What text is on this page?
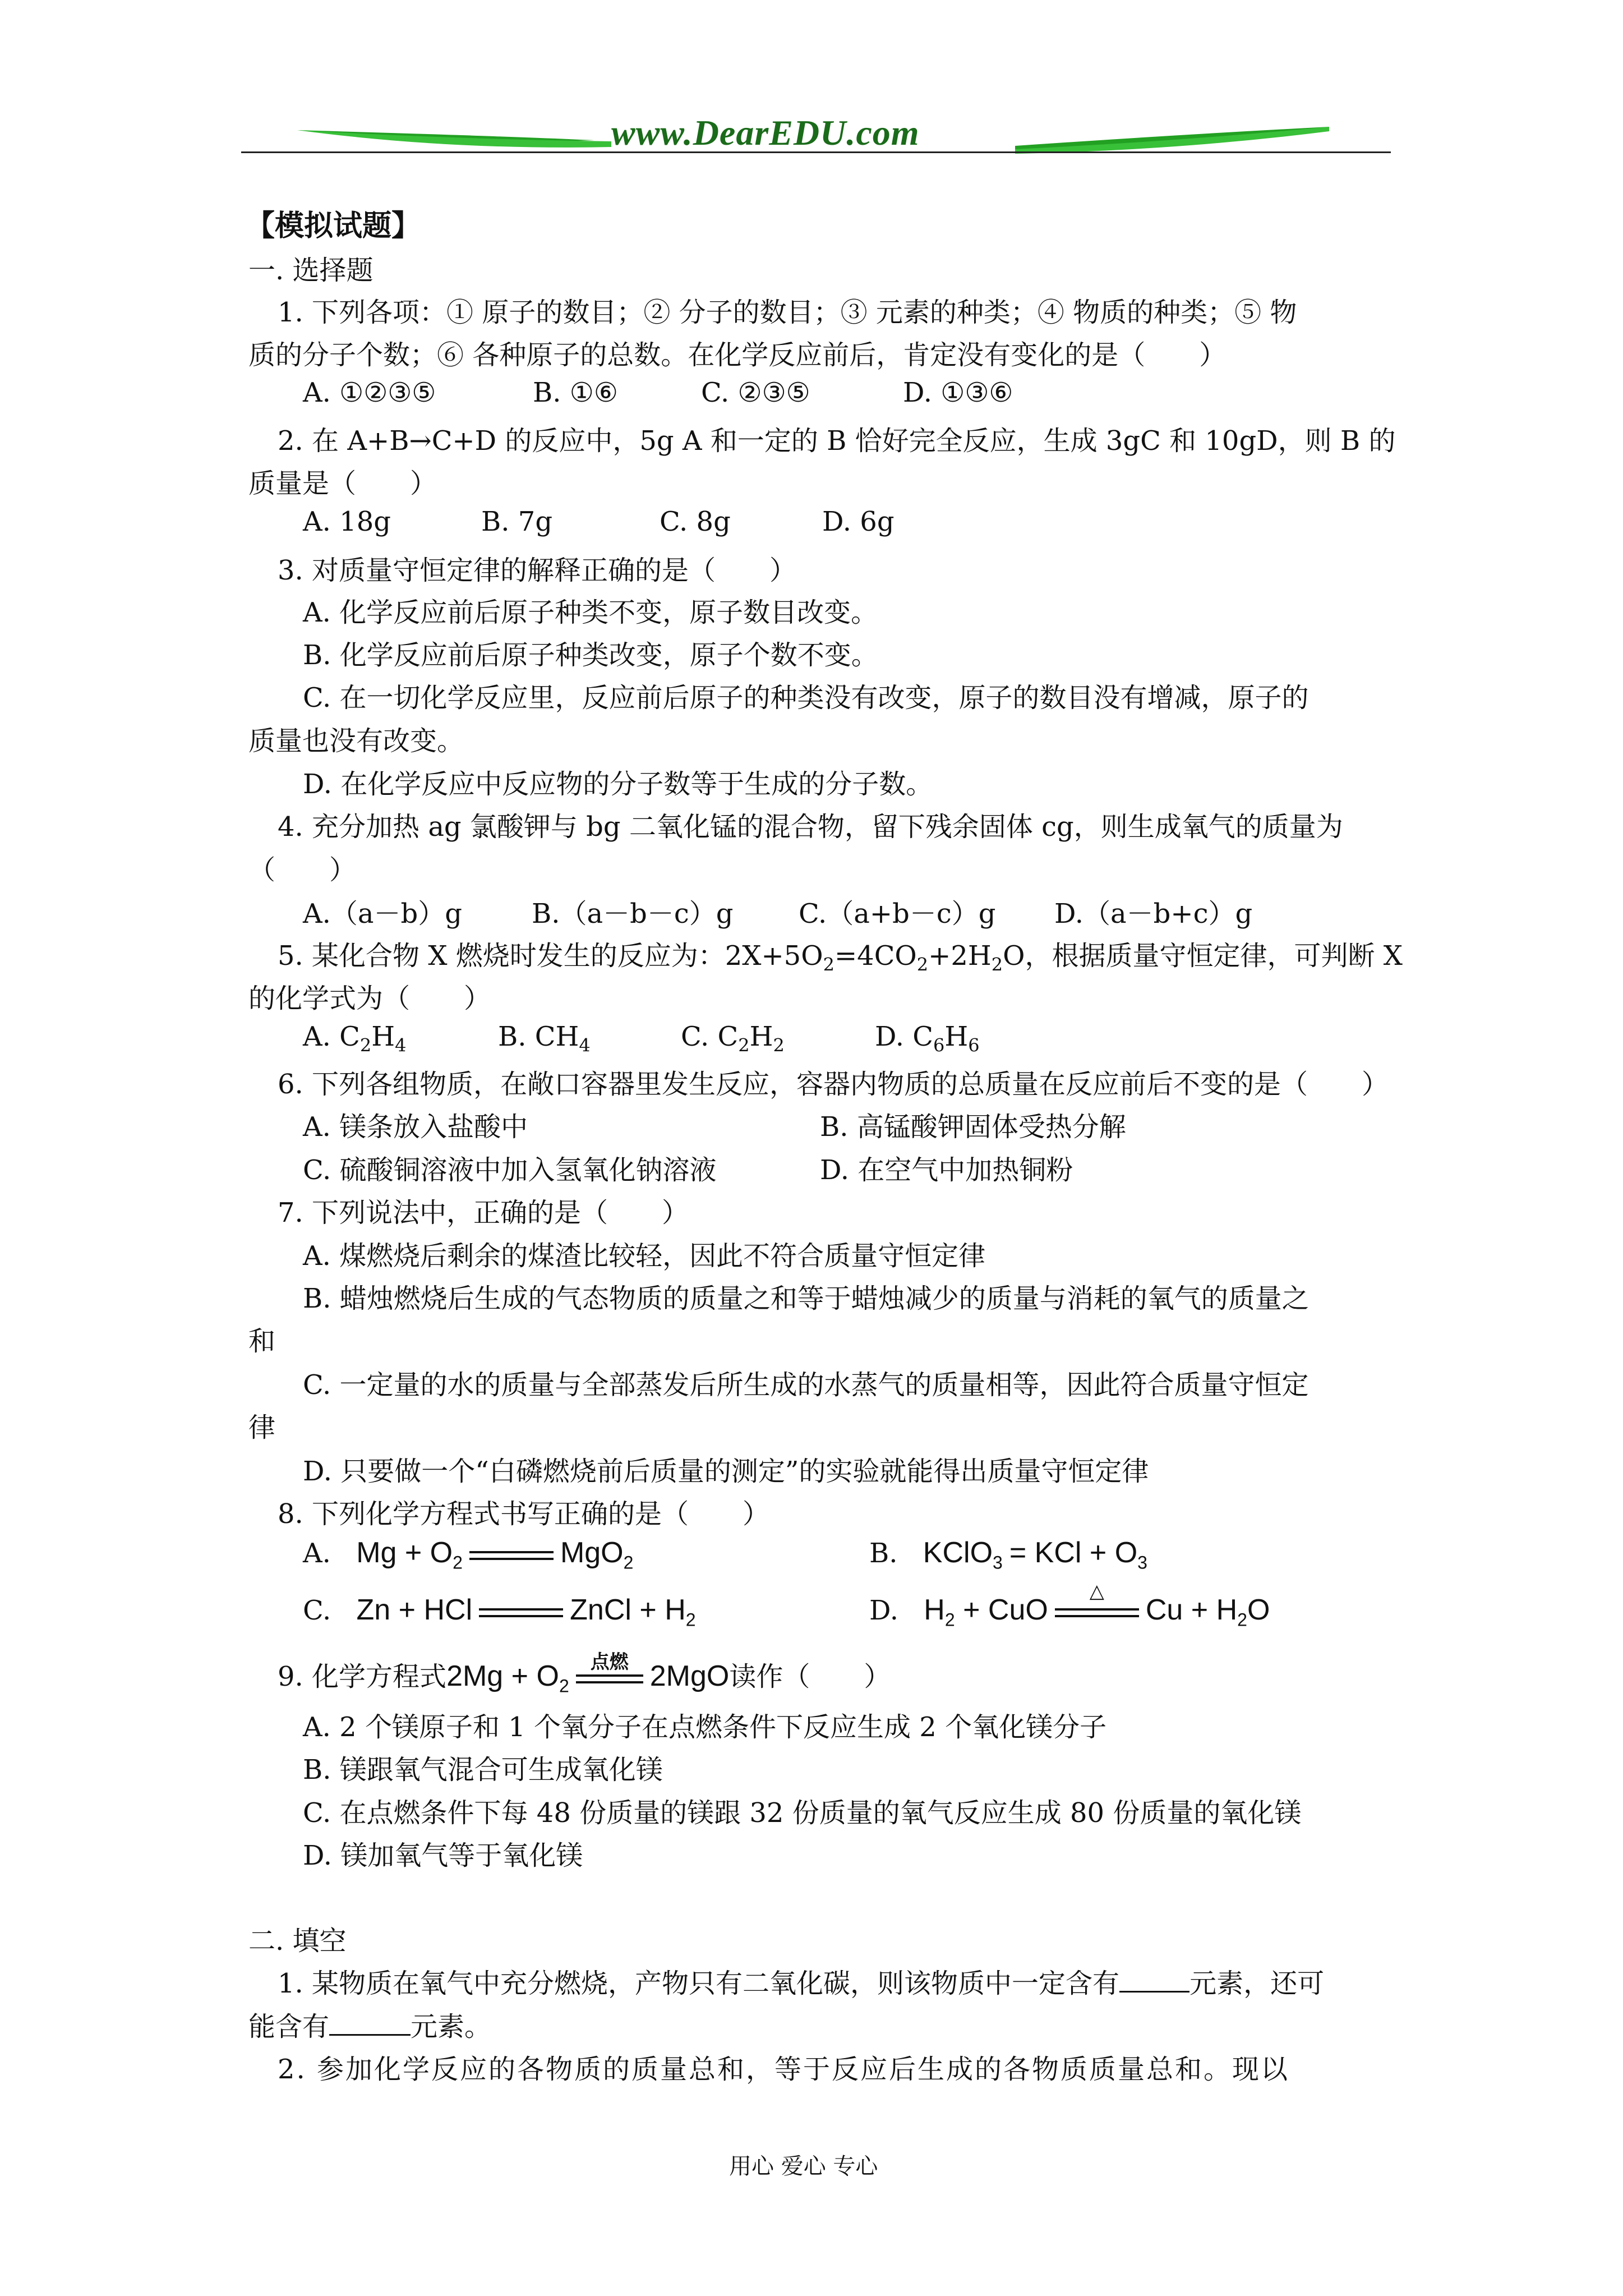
www.DearEDU.com
【模拟试题】
一. 选择题
1. 下列各项：① 原子的数目；② 分子的数目；③ 元素的种类；④ 物质的种类；⑤ 物
质的分子个数；⑥ 各种原子的总数。在化学反应前后，肯定没有变化的是（　　）
A. ①②③⑤	B. ①⑥	C. ②③⑤	D. ①③⑥
2. 在 A+B→C+D 的反应中，5g A 和一定的 B 恰好完全反应，生成 3gC 和 10gD，则 B 的
质量是（　　）
A. 18g	B. 7g	C. 8g	D. 6g
3. 对质量守恒定律的解释正确的是（　　）
A. 化学反应前后原子种类不变，原子数目改变。
B. 化学反应前后原子种类改变，原子个数不变。
C. 在一切化学反应里，反应前后原子的种类没有改变，原子的数目没有增减，原子的
质量也没有改变。
D. 在化学反应中反应物的分子数等于生成的分子数。
4. 充分加热 ag 氯酸钾与 bg 二氧化锰的混合物，留下残余固体 cg，则生成氧气的质量为
（　　）
A.（a－b）g	B.（a－b－c）g C.（a+b－c）g D.（a－b+c）g
5. 某化合物 X 燃烧时发生的反应为：$2X+5O_2=4CO_2+2H_2O$，根据质量守恒定律，可判断 X
的化学式为（　　）
A. $C_2H_4$	B. $CH_4$	C. $C_2H_2$	D. $C_6H_6$
6. 下列各组物质，在敞口容器里发生反应，容器内物质的总质量在反应前后不变的是（　　）
A. 镁条放入盐酸中	B. 高锰酸钾固体受热分解
C. 硫酸铜溶液中加入氢氧化钠溶液	D. 在空气中加热铜粉
7. 下列说法中，正确的是（　　）
A. 煤燃烧后剩余的煤渣比较轻，因此不符合质量守恒定律
B. 蜡烛燃烧后生成的气态物质的质量之和等于蜡烛减少的质量与消耗的氧气的质量之
和
C. 一定量的水的质量与全部蒸发后所生成的水蒸气的质量相等，因此符合质量守恒定
律
D. 只要做一个“白磷燃烧前后质量的测定”的实验就能得出质量守恒定律
8. 下列化学方程式书写正确的是（　　）
A. $Mg + O_2$	MgO$_2$	B. KClO$_3$ = KCl + $O_3$
C. Zn + HCl	ZnCl + $H_2$	D. $H_2$ + CuO
△
$Cu + H_2O$
9. 化学方程式$2Mg + O_2$
点燃 2MgO读作（　　）
A. 2 个镁原子和 1 个氧分子在点燃条件下反应生成 2 个氧化镁分子
B. 镁跟氧气混合可生成氧化镁
C. 在点燃条件下每 48 份质量的镁跟 32 份质量的氧气反应生成 80 份质量的氧化镁
D. 镁加氧气等于氧化镁
二. 填空
1. 某物质在氧气中充分燃烧，产物只有二氧化碳，则该物质中一定含有	元素，还可
能含有	元素。
2. 参加化学反应的各物质的质量总和，等于反应后生成的各物质质量总和。现以
用心 爱心 专心
